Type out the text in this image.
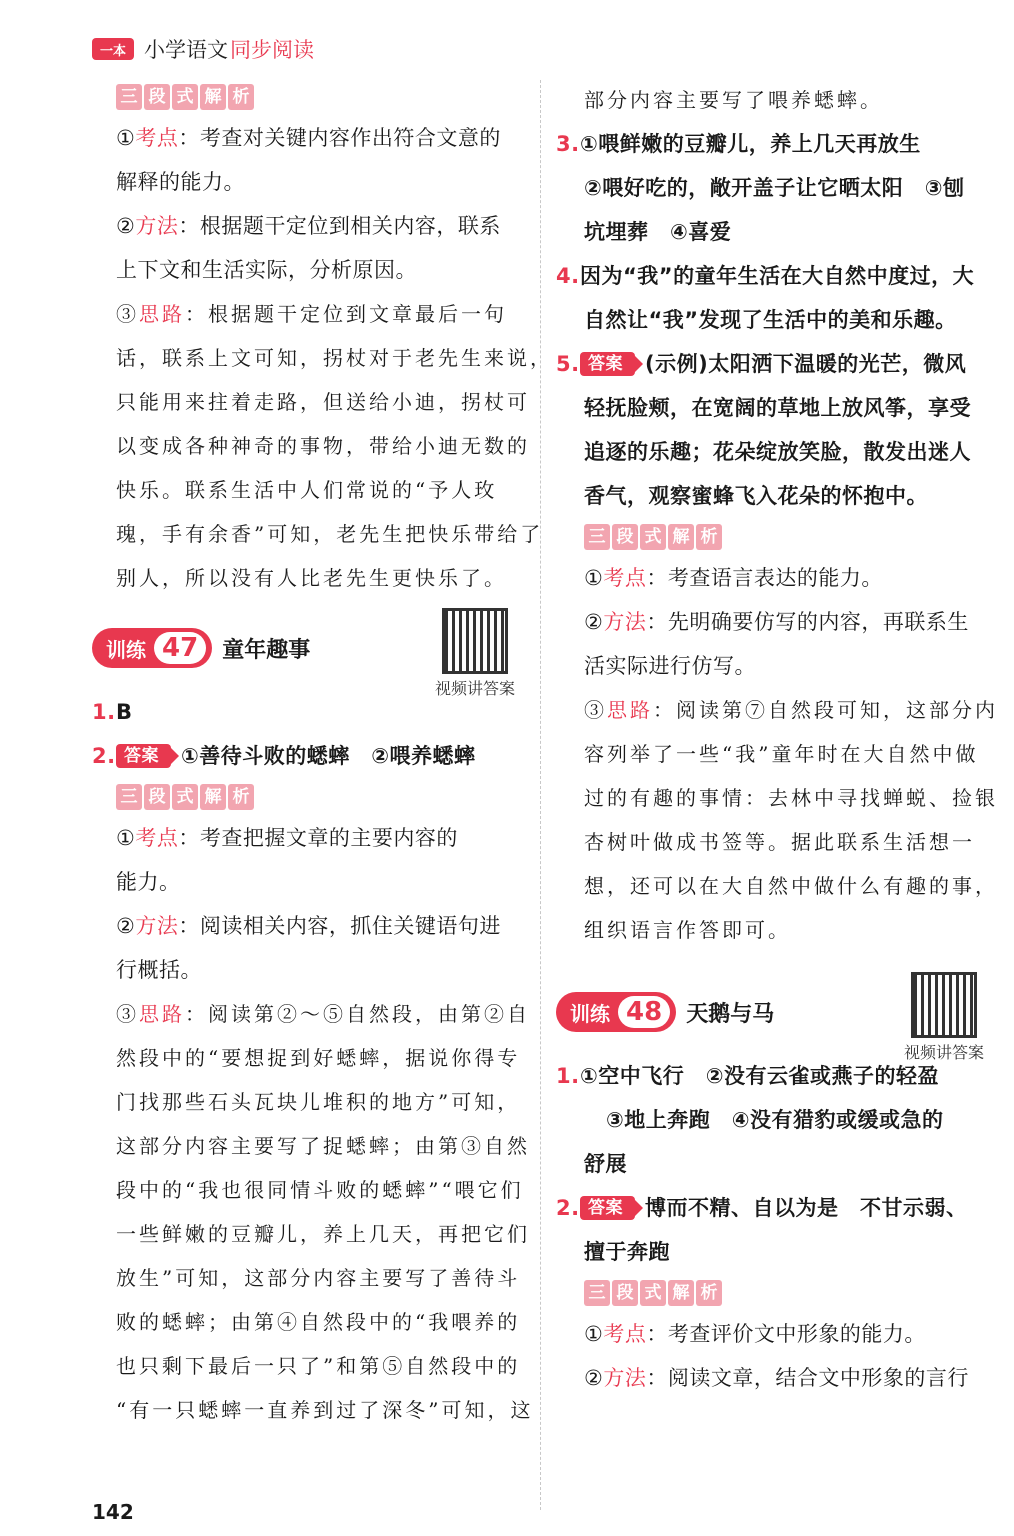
一本 小学语文 同步阅读
三 段 式 解 析
①考点：考查对关键内容作出符合文意的
解释的能力。
②方法：根据题干定位到相关内容，联系
上下文和生活实际，分析原因。
③思路：根据题干定位到文章最后一句
话，联系上文可知，拐杖对于老先生来说，
只能用来拄着走路，但送给小迪，拐杖可
以变成各种神奇的事物，带给小迪无数的
快乐。联系生活中人们常说的“予人玫
瑰，手有余香”可知，老先生把快乐带给了
别人，所以没有人比老先生更快乐了。
训练 47	童年趣事
视频讲答案
1.B
2. 答案 ①善待斗败的蟋蟀　②喂养蟋蟀
三 段 式 解 析
①考点：考查把握文章的主要内容的
能力。
②方法：阅读相关内容，抓住关键语句进
行概括。
③思路：阅读第②～⑤自然段，由第②自
然段中的“要想捉到好蟋蟀，据说你得专
门找那些石头瓦块儿堆积的地方”可知，
这部分内容主要写了捉蟋蟀；由第③自然
段中的“我也很同情斗败的蟋蟀”“喂它们
一些鲜嫩的豆瓣儿，养上几天，再把它们
放生”可知，这部分内容主要写了善待斗
败的蟋蟀；由第④自然段中的“我喂养的
也只剩下最后一只了”和第⑤自然段中的
“有一只蟋蟀一直养到过了深冬”可知，这
部分内容主要写了喂养蟋蟀。
3.①喂鲜嫩的豆瓣儿，养上几天再放生
②喂好吃的，敞开盖子让它晒太阳　③刨
坑埋葬　④喜爱
4.因为“我”的童年生活在大自然中度过，大
自然让“我”发现了生活中的美和乐趣。
5. 答案 (示例)太阳洒下温暖的光芒，微风
轻抚脸颊，在宽阔的草地上放风筝，享受
追逐的乐趣；花朵绽放笑脸，散发出迷人
香气，观察蜜蜂飞入花朵的怀抱中。
三 段 式 解 析
①考点：考查语言表达的能力。
②方法：先明确要仿写的内容，再联系生
活实际进行仿写。
③思路：阅读第⑦自然段可知，这部分内
容列举了一些“我”童年时在大自然中做
过的有趣的事情：去林中寻找蝉蜕、捡银
杏树叶做成书签等。据此联系生活想一
想，还可以在大自然中做什么有趣的事，
组织语言作答即可。
训练 48	天鹅与马
视频讲答案
1.①空中飞行　②没有云雀或燕子的轻盈
③地上奔跑　④没有猎豹或缓或急的
舒展
2. 答案 博而不精、自以为是　不甘示弱、
擅于奔跑
三 段 式 解 析
①考点：考查评价文中形象的能力。
②方法：阅读文章，结合文中形象的言行
142
